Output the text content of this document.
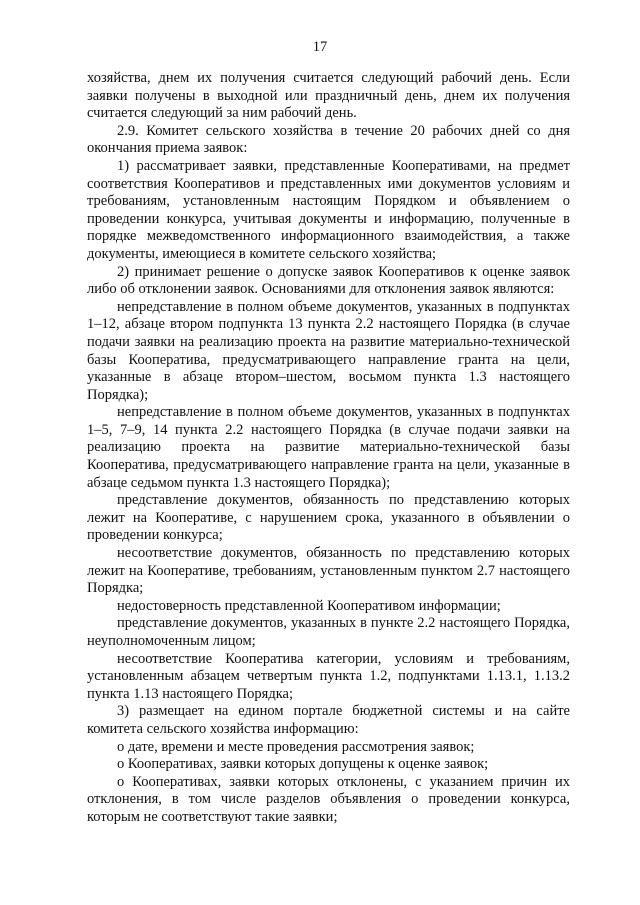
17

хозяйства, днем их получения считается следующий рабочий день. Если заявки получены в выходной или праздничный день, днем их получения считается следующий за ним рабочий день.

2.9. Комитет сельского хозяйства в течение 20 рабочих дней со дня окончания приема заявок:

1) рассматривает заявки, представленные Кооперативами, на предмет соответствия Кооперативов и представленных ими документов условиям и требованиям, установленным настоящим Порядком и объявлением о проведении конкурса, учитывая документы и информацию, полученные в порядке межведомственного информационного взаимодействия, а также документы, имеющиеся в комитете сельского хозяйства;

2) принимает решение о допуске заявок Кооперативов к оценке заявок либо об отклонении заявок. Основаниями для отклонения заявок являются:

непредставление в полном объеме документов, указанных в подпунктах 1–12, абзаце втором подпункта 13 пункта 2.2 настоящего Порядка (в случае подачи заявки на реализацию проекта на развитие материально-технической базы Кооператива, предусматривающего направление гранта на цели, указанные в абзаце втором–шестом, восьмом пункта 1.3 настоящего Порядка);

непредставление в полном объеме документов, указанных в подпунктах 1–5, 7–9, 14 пункта 2.2 настоящего Порядка (в случае подачи заявки на реализацию проекта на развитие материально-технической базы Кооператива, предусматривающего направление гранта на цели, указанные в абзаце седьмом пункта 1.3 настоящего Порядка);

представление документов, обязанность по представлению которых лежит на Кооперативе, с нарушением срока, указанного в объявлении о проведении конкурса;

несоответствие документов, обязанность по представлению которых лежит на Кооперативе, требованиям, установленным пунктом 2.7 настоящего Порядка;

недостоверность представленной Кооперативом информации;

представление документов, указанных в пункте 2.2 настоящего Порядка, неуполномоченным лицом;

несоответствие Кооператива категории, условиям и требованиям, установленным абзацем четвертым пункта 1.2, подпунктами 1.13.1, 1.13.2 пункта 1.13 настоящего Порядка;

3) размещает на едином портале бюджетной системы и на сайте комитета сельского хозяйства информацию:

о дате, времени и месте проведения рассмотрения заявок;

о Кооперативах, заявки которых допущены к оценке заявок;

о Кооперативах, заявки которых отклонены, с указанием причин их отклонения, в том числе разделов объявления о проведении конкурса, которым не соответствуют такие заявки;
